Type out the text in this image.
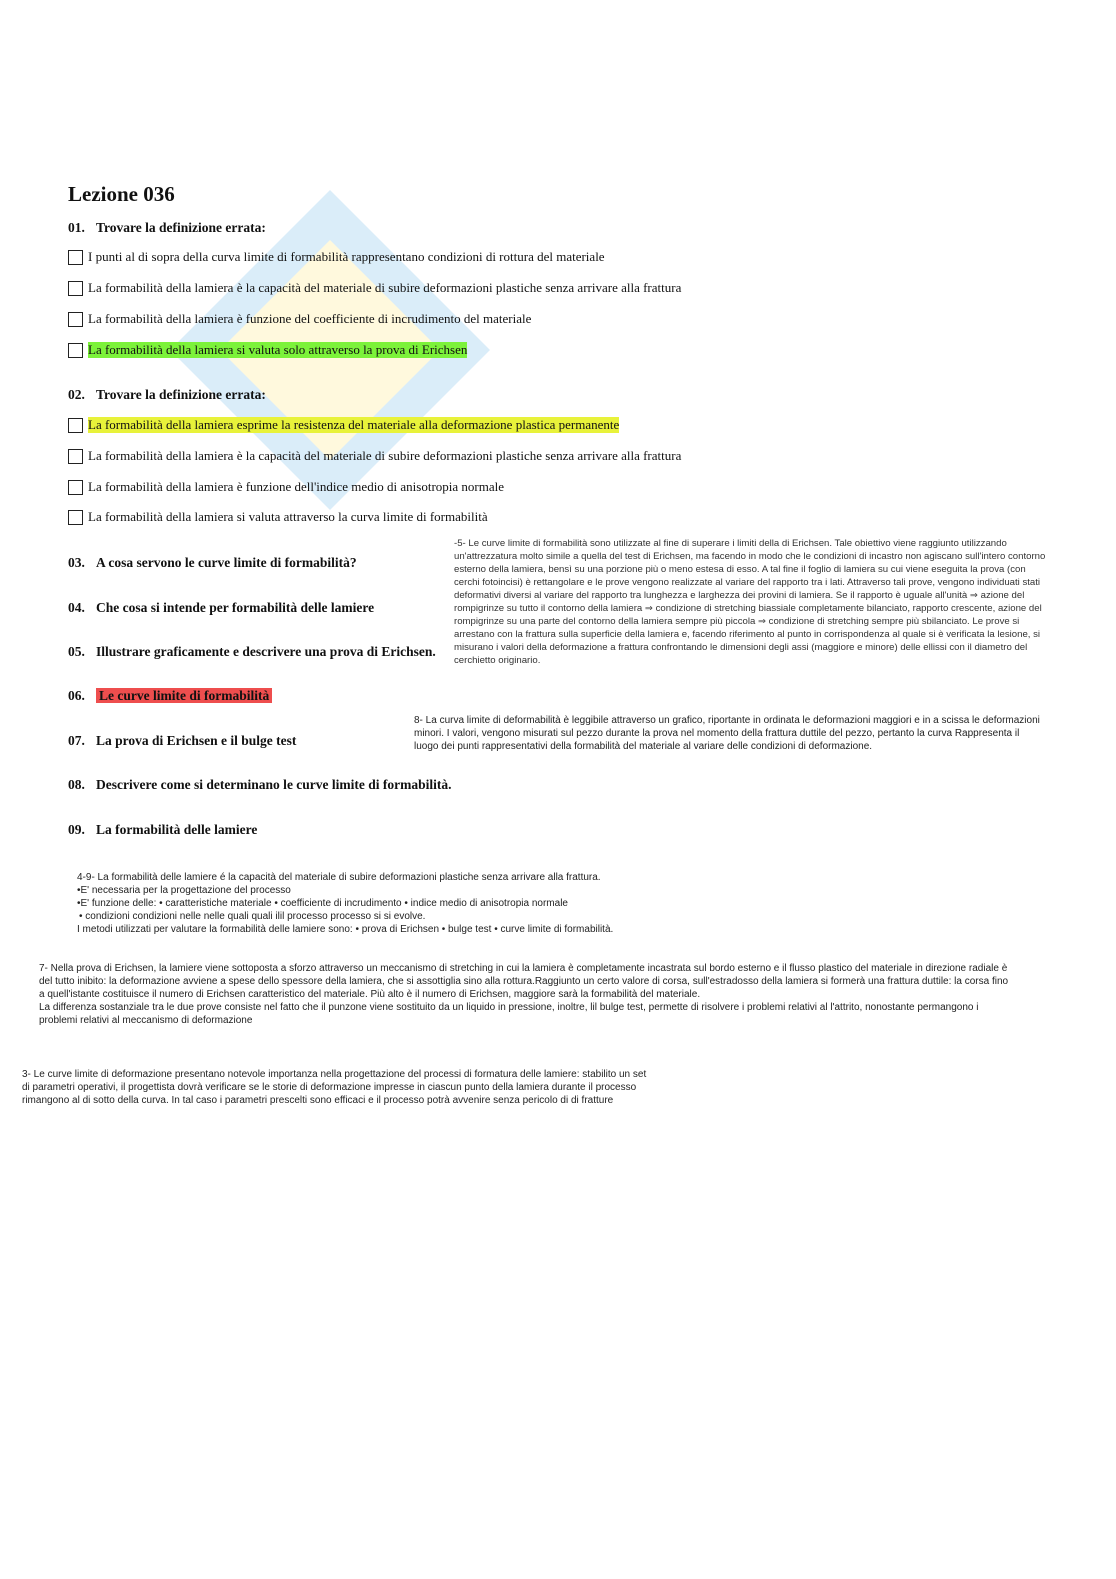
Lezione 036
01. Trovare la definizione errata:
I punti al di sopra della curva limite di formabilità rappresentano condizioni di rottura del materiale
La formabilità della lamiera è la capacità del materiale di subire deformazioni plastiche senza arrivare alla frattura
La formabilità della lamiera è funzione del coefficiente di incrudimento del materiale
La formabilità della lamiera si valuta solo attraverso la prova di Erichsen
02. Trovare la definizione errata:
La formabilità della lamiera esprime la resistenza del materiale alla deformazione plastica permanente
La formabilità della lamiera è la capacità del materiale di subire deformazioni plastiche senza arrivare alla frattura
La formabilità della lamiera è funzione dell'indice medio di anisotropia normale
La formabilità della lamiera si valuta attraverso la curva limite di formabilità
03. A cosa servono le curve limite di formabilità?
04. Che cosa si intende per formabilità delle lamiere
05. Illustrare graficamente e descrivere una prova di Erichsen.
06. Le curve limite di formabilità
07. La prova di Erichsen e il bulge test
08. Descrivere come si determinano le curve limite di formabilità.
09. La formabilità delle lamiere

-5- Le curve limite di formabilità sono utilizzate al fine di superare i limiti della di Erichsen. Tale obiettivo viene raggiunto utilizzando un'attrezzatura molto simile a quella del test di Erichsen, ma facendo in modo che le condizioni di incastro non agiscano sull'intero contorno esterno della lamiera, bensì su una porzione più o meno estesa di esso. A tal fine il foglio di lamiera su cui viene eseguita la prova (con cerchi fotoincisi) è rettangolare e le prove vengono realizzate al variare del rapporto tra i lati. Attraverso tali prove, vengono individuati stati deformativi diversi al variare del rapporto tra lunghezza e larghezza dei provini di lamiera. Se il rapporto è uguale all'unità ⇒ azione del rompigrinze su tutto il contorno della lamiera ⇒ condizione di stretching biassiale completamente bilanciato, rapporto crescente, azione del rompigrinze su una parte del contorno della lamiera sempre più piccola ⇒ condizione di stretching sempre più sbilanciato. Le prove si arrestano con la frattura sulla superficie della lamiera e, facendo riferimento al punto in corrispondenza al quale si è verificata la lesione, si misurano i valori della deformazione a frattura confrontando le dimensioni degli assi (maggiore e minore) delle ellissi con il diametro del cerchietto originario.

8- La curva limite di deformabilità è leggibile attraverso un grafico, riportante in ordinata le deformazioni maggiori e in a scissa le deformazioni minori. I valori, vengono misurati sul pezzo durante la prova nel momento della frattura duttile del pezzo, pertanto la curva Rappresenta il luogo dei punti rappresentativi della formabilità del materiale al variare delle condizioni di deformazione.

4-9- La formabilità delle lamiere é la capacità del materiale di subire deformazioni plastiche senza arrivare alla frattura.

•E' necessaria per la progettazione del processo

•E' funzione delle: • caratteristiche materiale • coefficiente di incrudimento • indice medio di anisotropia normale

• condizioni condizioni nelle nelle quali quali ilil processo processo si si evolve.

I metodi utilizzati per valutare la formabilità delle lamiere sono: • prova di Erichsen • bulge test • curve limite di formabilità.

7- Nella prova di Erichsen, la lamiere viene sottoposta a sforzo attraverso un meccanismo di stretching in cui la lamiera è completamente incastrata sul bordo esterno e il flusso plastico del materiale in direzione radiale è del tutto inibito: la deformazione avviene a spese dello spessore della lamiera, che si assottiglia sino alla rottura.Raggiunto un certo valore di corsa, sull'estradosso della lamiera si formerà una frattura duttile: la corsa fino a quell'istante costituisce il numero di Erichsen caratteristico del materiale. Più alto è il numero di Erichsen, maggiore sarà la formabilità del materiale.

La differenza sostanziale tra le due prove consiste nel fatto che il punzone viene sostituito da un liquido in pressione, inoltre, lil bulge test, permette di risolvere i problemi relativi al l'attrito, nonostante permangono i problemi relativi al meccanismo di deformazione

3- Le curve limite di deformazione presentano notevole importanza nella progettazione del processi di formatura delle lamiere: stabilito un set di parametri operativi, il progettista dovrà verificare se le storie di deformazione impresse in ciascun punto della lamiera durante il processo rimangono al di sotto della curva. In tal caso i parametri prescelti sono efficaci e il processo potrà avvenire senza pericolo di di fratture
